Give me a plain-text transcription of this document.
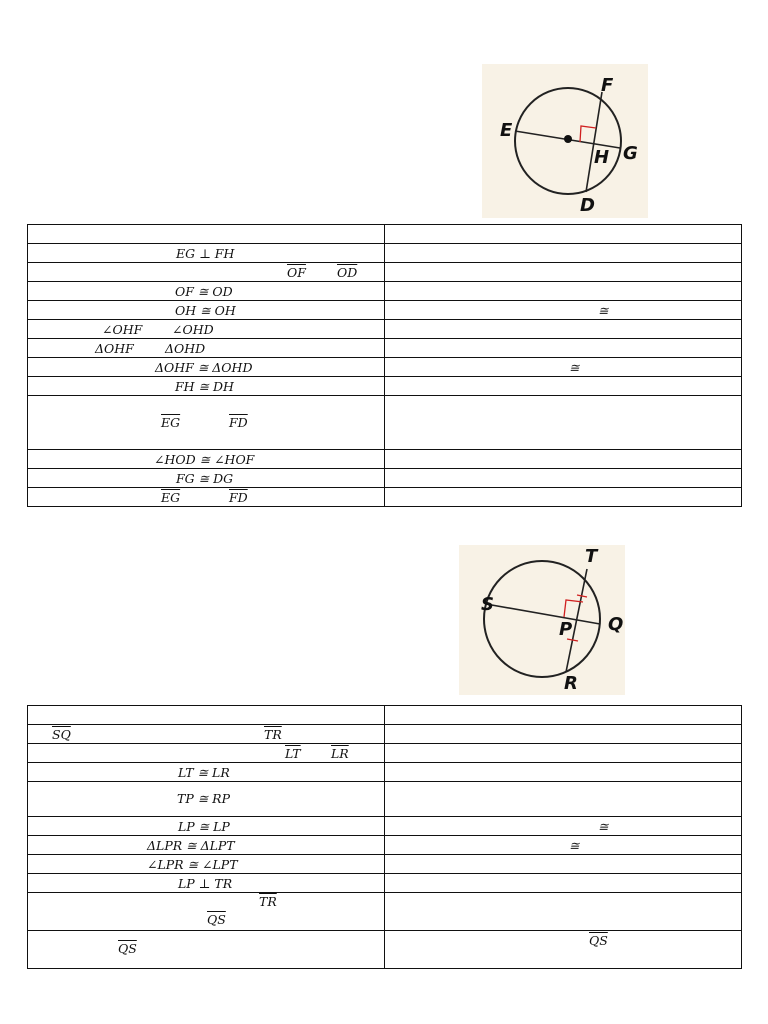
E
F
G
H
D

EG ⊥ FH	

$\overline{OF}$ $\overline{OD}$

OF ≅ OD	

OH ≅ OH	≅

∠OHF ∠OHD	

ΔOHF ΔOHD	

ΔOHF ≅ ΔOHD	≅

FH ≅ DH	

$\overline{EG}$ $\overline{FD}$

∠HOD ≅ ∠HOF	

FG ≅ DG	

$\overline{EG}$ $\overline{FD}$

T
S
Q
P
R

$\overline{SQ}$ $\overline{TR}$

$\overline{LT}$ $\overline{LR}$

LT ≅ LR	

TP ≅ RP	

LP ≅ LP	≅

ΔLPR ≅ ΔLPT	≅

∠LPR ≅ ∠LPT	

LP ⊥ TR	

$\overline{TR}$
$\overline{QS}$

$\overline{QS}$	$\overline{QS}$
